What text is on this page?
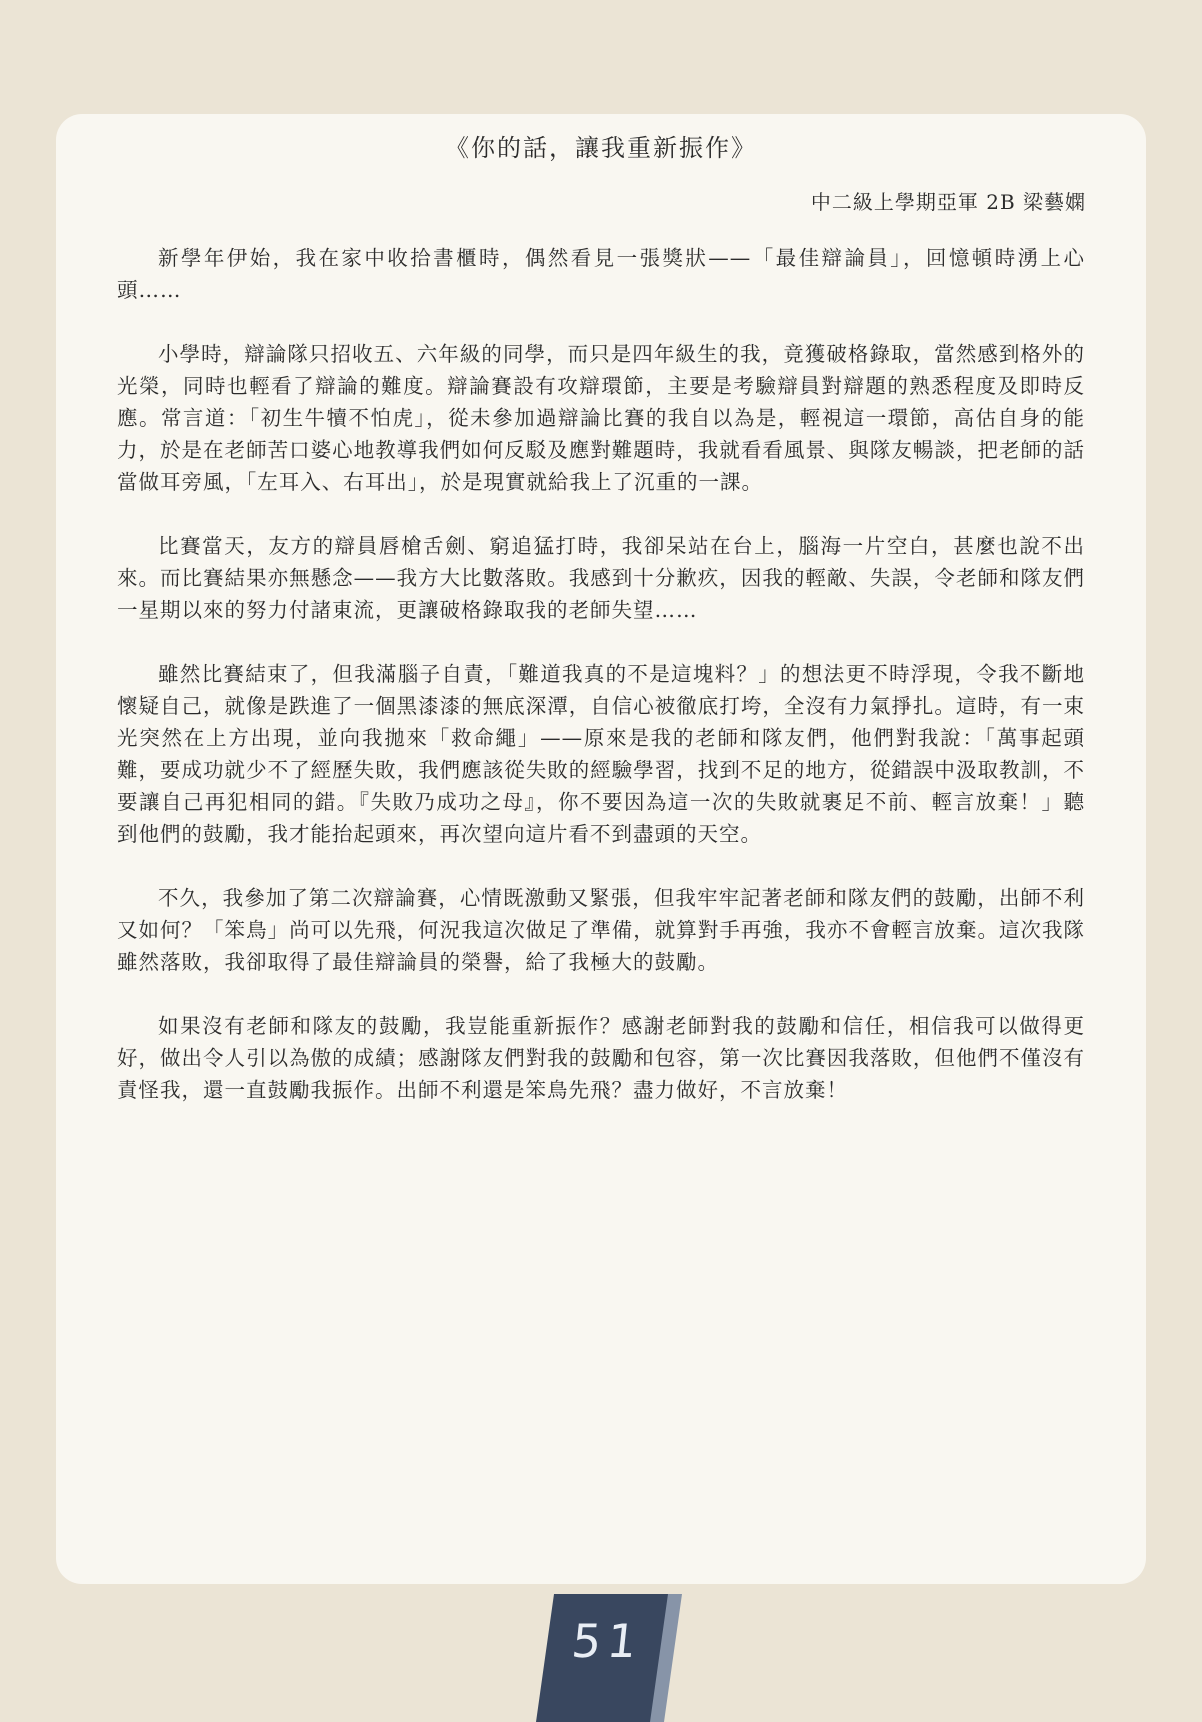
《你的話，讓我重新振作》
中二級上學期亞軍 2B 梁藝嫻

新學年伊始，我在家中收拾書櫃時，偶然看見一張獎狀——「最佳辯論員」，回憶頓時湧上心頭……

小學時，辯論隊只招收五、六年級的同學，而只是四年級生的我，竟獲破格錄取，當然感到格外的光榮，同時也輕看了辯論的難度。辯論賽設有攻辯環節，主要是考驗辯員對辯題的熟悉程度及即時反應。常言道：「初生牛犢不怕虎」，從未參加過辯論比賽的我自以為是，輕視這一環節，高估自身的能力，於是在老師苦口婆心地教導我們如何反駁及應對難題時，我就看看風景、與隊友暢談，把老師的話當做耳旁風，「左耳入、右耳出」，於是現實就給我上了沉重的一課。

比賽當天，友方的辯員唇槍舌劍、窮追猛打時，我卻呆站在台上，腦海一片空白，甚麼也說不出來。而比賽結果亦無懸念——我方大比數落敗。我感到十分歉疚，因我的輕敵、失誤，令老師和隊友們一星期以來的努力付諸東流，更讓破格錄取我的老師失望……

雖然比賽結束了，但我滿腦子自責，「難道我真的不是這塊料？」的想法更不時浮現，令我不斷地懷疑自己，就像是跌進了一個黑漆漆的無底深潭，自信心被徹底打垮，全沒有力氣掙扎。這時，有一束光突然在上方出現，並向我拋來「救命繩」——原來是我的老師和隊友們，他們對我說：「萬事起頭難，要成功就少不了經歷失敗，我們應該從失敗的經驗學習，找到不足的地方，從錯誤中汲取教訓，不要讓自己再犯相同的錯。『失敗乃成功之母』，你不要因為這一次的失敗就裹足不前、輕言放棄！」聽到他們的鼓勵，我才能抬起頭來，再次望向這片看不到盡頭的天空。

不久，我參加了第二次辯論賽，心情既激動又緊張，但我牢牢記著老師和隊友們的鼓勵，出師不利又如何？「笨鳥」尚可以先飛，何況我這次做足了準備，就算對手再強，我亦不會輕言放棄。這次我隊雖然落敗，我卻取得了最佳辯論員的榮譽，給了我極大的鼓勵。

如果沒有老師和隊友的鼓勵，我豈能重新振作？感謝老師對我的鼓勵和信任，相信我可以做得更好，做出令人引以為傲的成績；感謝隊友們對我的鼓勵和包容，第一次比賽因我落敗，但他們不僅沒有責怪我，還一直鼓勵我振作。出師不利還是笨鳥先飛？盡力做好，不言放棄！

51
